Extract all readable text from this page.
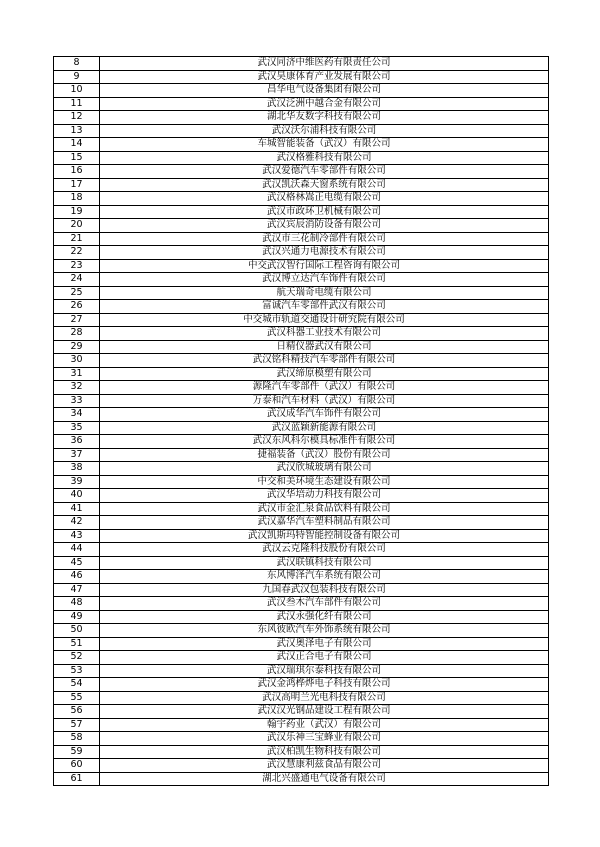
8	武汉同济中维医药有限责任公司
9	武汉昊康体育产业发展有限公司
10	昌华电气设备集团有限公司
11	武汉泛洲中越合金有限公司
12	湖北华友数字科技有限公司
13	武汉沃尔浦科技有限公司
14	车城智能装备（武汉）有限公司
15	武汉格雅科技有限公司
16	武汉爱德汽车零部件有限公司
17	武汉凯沃森天窗系统有限公司
18	武汉格林嵩正电缆有限公司
19	武汉市政环卫机械有限公司
20	武汉宾辰消防设备有限公司
21	武汉市三花制冷部件有限公司
22	武汉兴通力电源技术有限公司
23	中交武汉智行国际工程咨询有限公司
24	武汉博立达汽车饰件有限公司
25	航天瑞奇电缆有限公司
26	富诚汽车零部件武汉有限公司
27	中交城市轨道交通设计研究院有限公司
28	武汉科器工业技术有限公司
29	日精仪器武汉有限公司
30	武汉铭科精技汽车零部件有限公司
31	武汉缔原模塑有限公司
32	源隆汽车零部件（武汉）有限公司
33	万泰和汽车材料（武汉）有限公司
34	武汉成华汽车饰件有限公司
35	武汉蓝颖新能源有限公司
36	武汉东风科尔模具标准件有限公司
37	捷福装备（武汉）股份有限公司
38	武汉欣城玻璃有限公司
39	中交和美环境生态建设有限公司
40	武汉华培动力科技有限公司
41	武汉市金汇泉食品饮料有限公司
42	武汉嘉华汽车塑料制品有限公司
43	武汉凯斯玛特智能控制设备有限公司
44	武汉云克隆科技股份有限公司
45	武汉联镇科技有限公司
46	东风博泽汽车系统有限公司
47	九国春武汉包装科技有限公司
48	武汉叁木汽车部件有限公司
49	武汉永强化纤有限公司
50	东风彼欧汽车外饰系统有限公司
51	武汉奥泽电子有限公司
52	武汉正合电子有限公司
53	武汉瑞琪尔泰科技有限公司
54	武汉金鸿桦烨电子科技有限公司
55	武汉高明兰光电科技有限公司
56	武汉汉光钢品建设工程有限公司
57	翰宇药业（武汉）有限公司
58	武汉乐神三宝蜂业有限公司
59	武汉柏凯生物科技有限公司
60	武汉慧康利兹食品有限公司
61	湖北兴盛通电气设备有限公司
